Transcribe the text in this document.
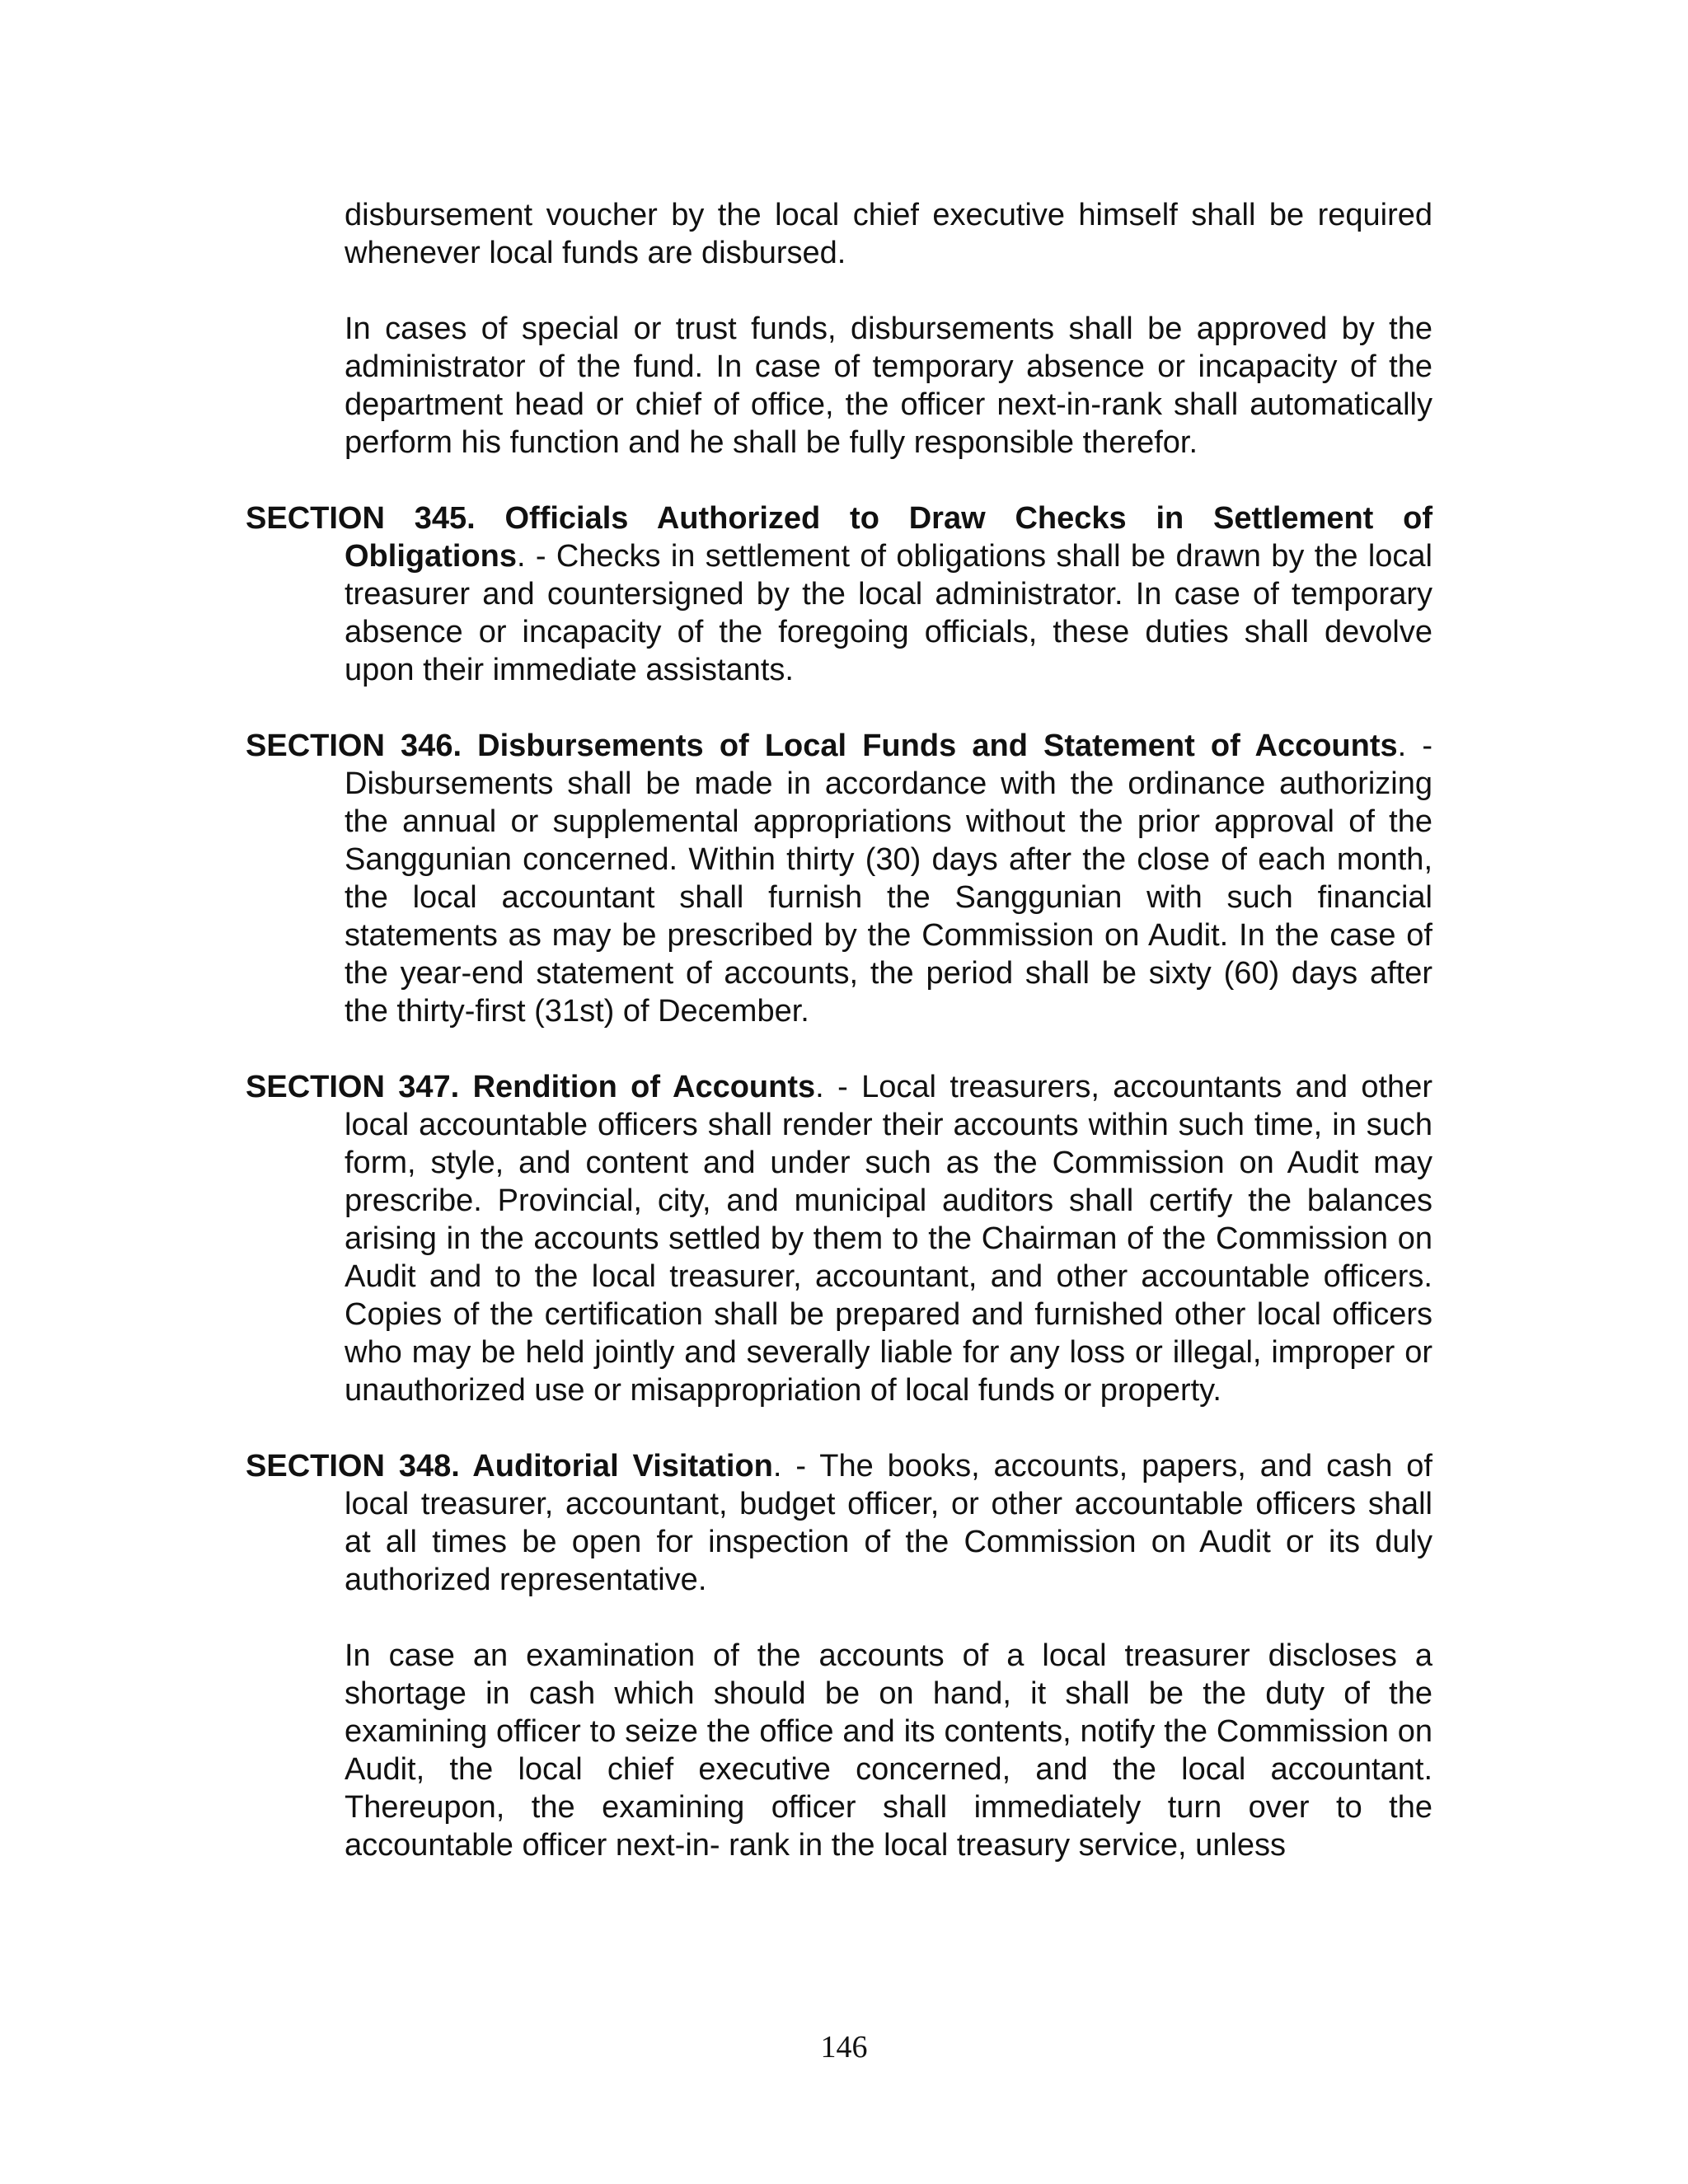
disbursement voucher by the local chief executive himself shall be required whenever local funds are disbursed.

In cases of special or trust funds, disbursements shall be approved by the administrator of the fund. In case of temporary absence or incapacity of the department head or chief of office, the officer next-in-rank shall automatically perform his function and he shall be fully responsible therefor.

SECTION 345. Officials Authorized to Draw Checks in Settlement of Obligations. - Checks in settlement of obligations shall be drawn by the local treasurer and countersigned by the local administrator. In case of temporary absence or incapacity of the foregoing officials, these duties shall devolve upon their immediate assistants.

SECTION 346. Disbursements of Local Funds and Statement of Accounts. - Disbursements shall be made in accordance with the ordinance authorizing the annual or supplemental appropriations without the prior approval of the Sanggunian concerned. Within thirty (30) days after the close of each month, the local accountant shall furnish the Sanggunian with such financial statements as may be prescribed by the Commission on Audit. In the case of the year-end statement of accounts, the period shall be sixty (60) days after the thirty-first (31st) of December.

SECTION 347. Rendition of Accounts. - Local treasurers, accountants and other local accountable officers shall render their accounts within such time, in such form, style, and content and under such as the Commission on Audit may prescribe. Provincial, city, and municipal auditors shall certify the balances arising in the accounts settled by them to the Chairman of the Commission on Audit and to the local treasurer, accountant, and other accountable officers. Copies of the certification shall be prepared and furnished other local officers who may be held jointly and severally liable for any loss or illegal, improper or unauthorized use or misappropriation of local funds or property.

SECTION 348. Auditorial Visitation. - The books, accounts, papers, and cash of local treasurer, accountant, budget officer, or other accountable officers shall at all times be open for inspection of the Commission on Audit or its duly authorized representative.

In case an examination of the accounts of a local treasurer discloses a shortage in cash which should be on hand, it shall be the duty of the examining officer to seize the office and its contents, notify the Commission on Audit, the local chief executive concerned, and the local accountant. Thereupon, the examining officer shall immediately turn over to the accountable officer next-in- rank in the local treasury service, unless

146
